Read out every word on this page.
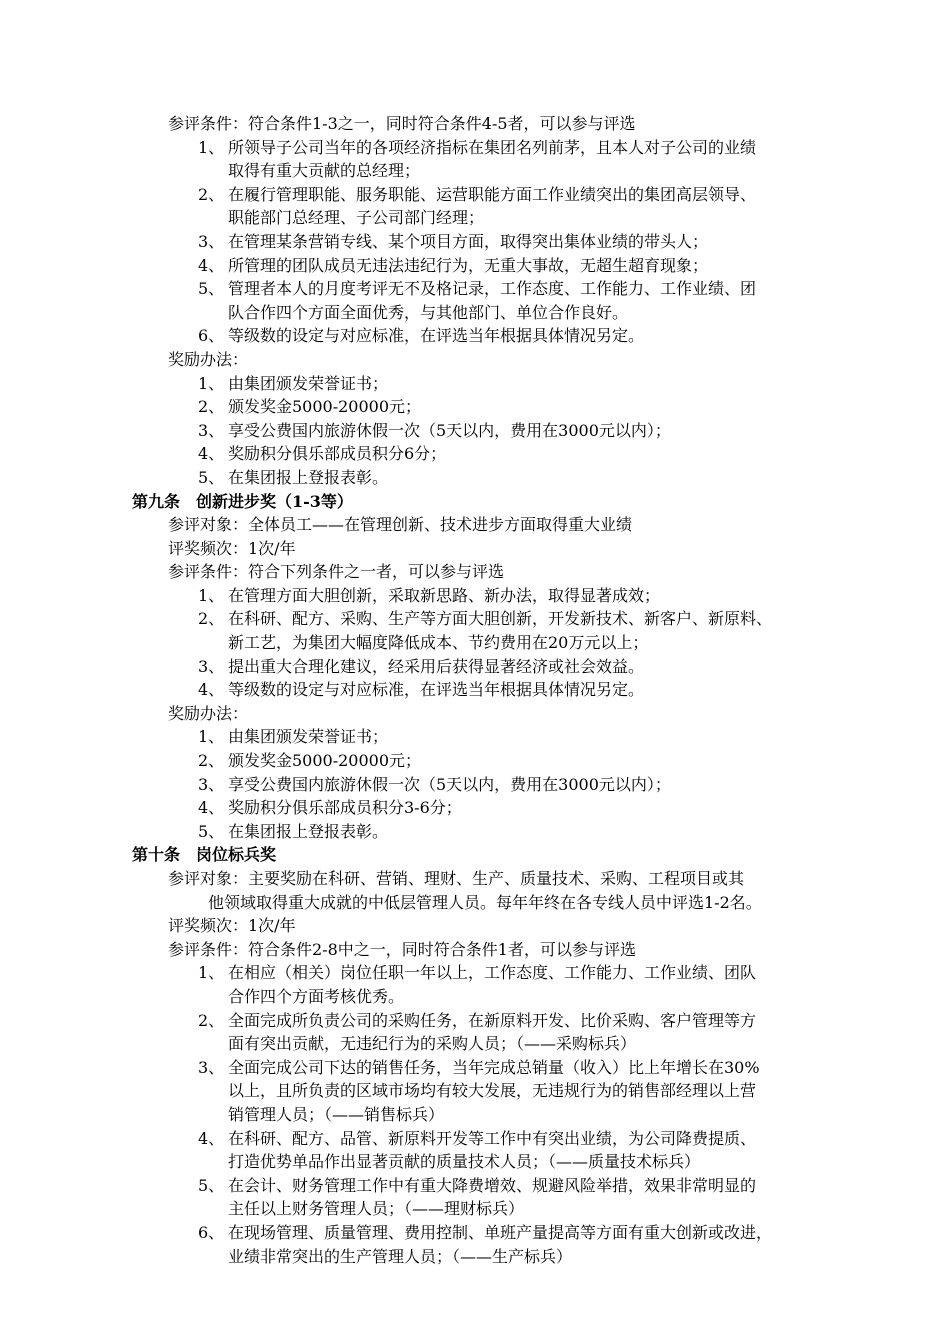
参评条件：符合条件1-3之一，同时符合条件4-5者，可以参与评选
1、 所领导子公司当年的各项经济指标在集团名列前茅，且本人对子公司的业绩
取得有重大贡献的总经理；
2、 在履行管理职能、服务职能、运营职能方面工作业绩突出的集团高层领导、
职能部门总经理、子公司部门经理；
3、 在管理某条营销专线、某个项目方面，取得突出集体业绩的带头人；
4、 所管理的团队成员无违法违纪行为，无重大事故，无超生超育现象；
5、 管理者本人的月度考评无不及格记录，工作态度、工作能力、工作业绩、团
队合作四个方面全面优秀，与其他部门、单位合作良好。
6、 等级数的设定与对应标准，在评选当年根据具体情况另定。
奖励办法：
1、 由集团颁发荣誉证书；
2、 颁发奖金5000-20000元；
3、 享受公费国内旅游休假一次（5天以内，费用在3000元以内）；
4、 奖励积分俱乐部成员积分6分；
5、 在集团报上登报表彰。
第九条　创新进步奖（1-3等）
参评对象：全体员工——在管理创新、技术进步方面取得重大业绩
评奖频次：1次/年
参评条件：符合下列条件之一者，可以参与评选
1、 在管理方面大胆创新，采取新思路、新办法，取得显著成效；
2、 在科研、配方、采购、生产等方面大胆创新，开发新技术、新客户、新原料、
新工艺，为集团大幅度降低成本、节约费用在20万元以上；
3、 提出重大合理化建议，经采用后获得显著经济或社会效益。
4、 等级数的设定与对应标准，在评选当年根据具体情况另定。
奖励办法：
1、 由集团颁发荣誉证书；
2、 颁发奖金5000-20000元；
3、 享受公费国内旅游休假一次（5天以内，费用在3000元以内）；
4、 奖励积分俱乐部成员积分3-6分；
5、 在集团报上登报表彰。
第十条　岗位标兵奖
参评对象：主要奖励在科研、营销、理财、生产、质量技术、采购、工程项目或其
他领域取得重大成就的中低层管理人员。每年年终在各专线人员中评选1-2名。
评奖频次：1次/年
参评条件：符合条件2-8中之一，同时符合条件1者，可以参与评选
1、 在相应（相关）岗位任职一年以上，工作态度、工作能力、工作业绩、团队
合作四个方面考核优秀。
2、 全面完成所负责公司的采购任务，在新原料开发、比价采购、客户管理等方
面有突出贡献，无违纪行为的采购人员；（——采购标兵）
3、 全面完成公司下达的销售任务，当年完成总销量（收入）比上年增长在30%
以上，且所负责的区域市场均有较大发展，无违规行为的销售部经理以上营
销管理人员；（——销售标兵）
4、 在科研、配方、品管、新原料开发等工作中有突出业绩，为公司降费提质、
打造优势单品作出显著贡献的质量技术人员；（——质量技术标兵）
5、 在会计、财务管理工作中有重大降费增效、规避风险举措，效果非常明显的
主任以上财务管理人员；（——理财标兵）
6、 在现场管理、质量管理、费用控制、单班产量提高等方面有重大创新或改进，
业绩非常突出的生产管理人员；（——生产标兵）
